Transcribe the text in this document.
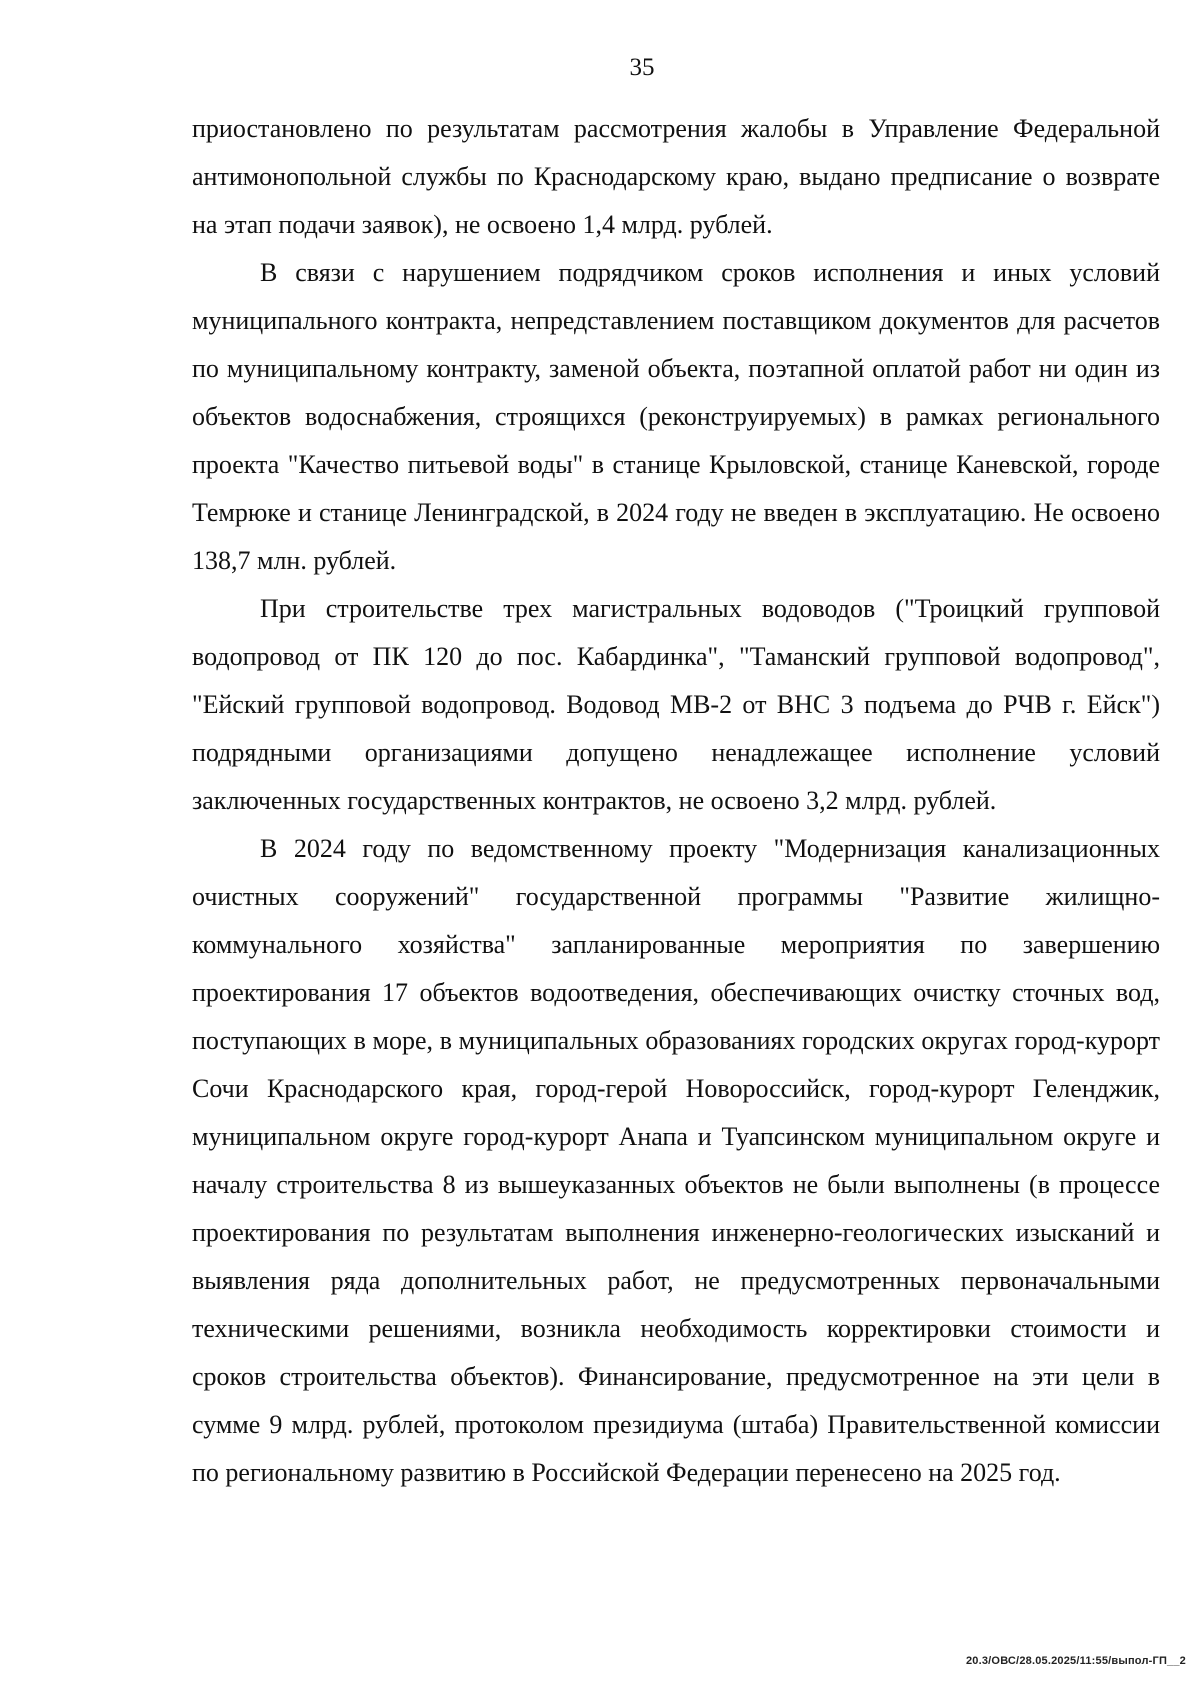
35

приостановлено по результатам рассмотрения жалобы в Управление Федеральной антимонопольной службы по Краснодарскому краю, выдано предписание о возврате на этап подачи заявок), не освоено 1,4 млрд. рублей.

В связи с нарушением подрядчиком сроков исполнения и иных условий муниципального контракта, непредставлением поставщиком документов для расчетов по муниципальному контракту, заменой объекта, поэтапной оплатой работ ни один из объектов водоснабжения, строящихся (реконструируемых) в рамках регионального проекта "Качество питьевой воды" в станице Крыловской, станице Каневской, городе Темрюке и станице Ленинградской, в 2024 году не введен в эксплуатацию. Не освоено 138,7 млн. рублей.

При строительстве трех магистральных водоводов ("Троицкий групповой водопровод от ПК 120 до пос. Кабардинка", "Таманский групповой водопровод", "Ейский групповой водопровод. Водовод МВ-2 от ВНС 3 подъема до РЧВ г. Ейск") подрядными организациями допущено ненадлежащее исполнение условий заключенных государственных контрактов, не освоено 3,2 млрд. рублей.

В 2024 году по ведомственному проекту "Модернизация канализационных очистных сооружений" государственной программы "Развитие жилищно-коммунального хозяйства" запланированные мероприятия по завершению проектирования 17 объектов водоотведения, обеспечивающих очистку сточных вод, поступающих в море, в муниципальных образованиях городских округах город-курорт Сочи Краснодарского края, город-герой Новороссийск, город-курорт Геленджик, муниципальном округе город-курорт Анапа и Туапсинском муниципальном округе и началу строительства 8 из вышеуказанных объектов не были выполнены (в процессе проектирования по результатам выполнения инженерно-геологических изысканий и выявления ряда дополнительных работ, не предусмотренных первоначальными техническими решениями, возникла необходимость корректировки стоимости и сроков строительства объектов). Финансирование, предусмотренное на эти цели в сумме 9 млрд. рублей, протоколом президиума (штаба) Правительственной комиссии по региональному развитию в Российской Федерации перенесено на 2025 год.

20.3/ОВС/28.05.2025/11:55/выпол-ГП__2
